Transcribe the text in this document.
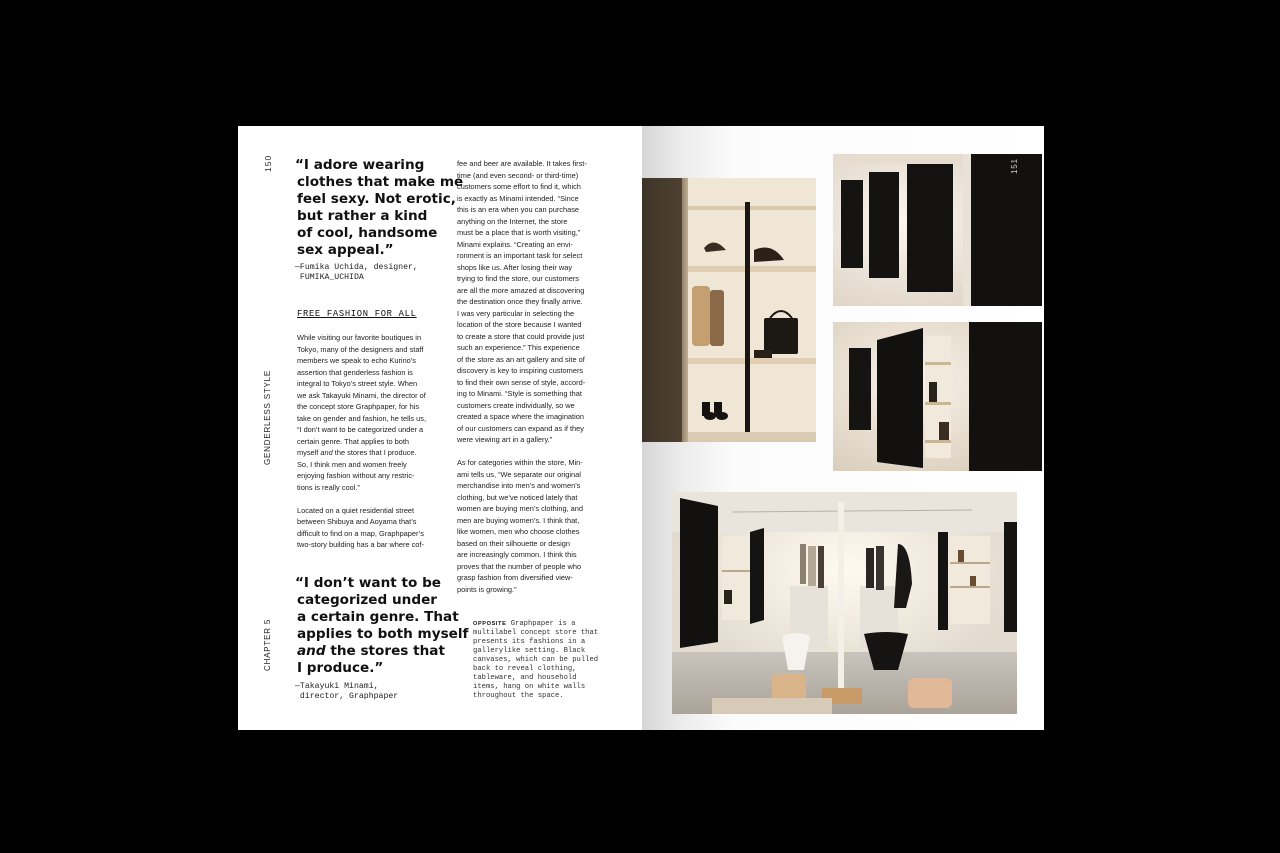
150
GENDERLESS STYLE
CHAPTER 5

“I adore wearing
clothes that make me
feel sexy. Not erotic,
but rather a kind
of cool, handsome
sex appeal.”

—Fumika Uchida, designer,
FUMIKA_UCHIDA
FREE FASHION FOR ALL
While visiting our favorite boutiques in
Tokyo, many of the designers and staff
members we speak to echo Kurino’s
assertion that genderless fashion is
integral to Tokyo’s street style. When
we ask Takayuki Minami, the director of
the concept store Graphpaper, for his
take on gender and fashion, he tells us,
“I don’t want to be categorized under a
certain genre. That applies to both
myself and the stores that I produce.
So, I think men and women freely
enjoying fashion without any restric-
tions is really cool.”
Located on a quiet residential street
between Shibuya and Aoyama that’s
difficult to find on a map, Graphpaper’s
two-story building has a bar where cof-

“I don’t want to be
categorized under
a certain genre. That
applies to both myself
and the stores that
I produce.”

—Takayuki Minami,
director, Graphpaper
fee and beer are available. It takes first-
time (and even second- or third-time)
customers some effort to find it, which
is exactly as Minami intended. “Since
this is an era when you can purchase
anything on the Internet, the store
must be a place that is worth visiting,”
Minami explains. “Creating an envi-
ronment is an important task for select
shops like us. After losing their way
trying to find the store, our customers
are all the more amazed at discovering
the destination once they finally arrive.
I was very particular in selecting the
location of the store because I wanted
to create a store that could provide just
such an experience.” This experience
of the store as an art gallery and site of
discovery is key to inspiring customers
to find their own sense of style, accord-
ing to Minami. “Style is something that
customers create individually, so we
created a space where the imagination
of our customers can expand as if they
were viewing art in a gallery.”
As for categories within the store, Min-
ami tells us, “We separate our original
merchandise into men’s and women’s
clothing, but we’ve noticed lately that
women are buying men’s clothing, and
men are buying women’s. I think that,
like women, men who choose clothes
based on their silhouette or design
are increasingly common. I think this
proves that the number of people who
grasp fashion from diversified view-
points is growing.”
OPPOSITE Graphpaper is a
multilabel concept store that
presents its fashions in a
gallerylike setting. Black
canvases, which can be pulled
back to reveal clothing,
tableware, and household
items, hang on white walls
throughout the space.
151
